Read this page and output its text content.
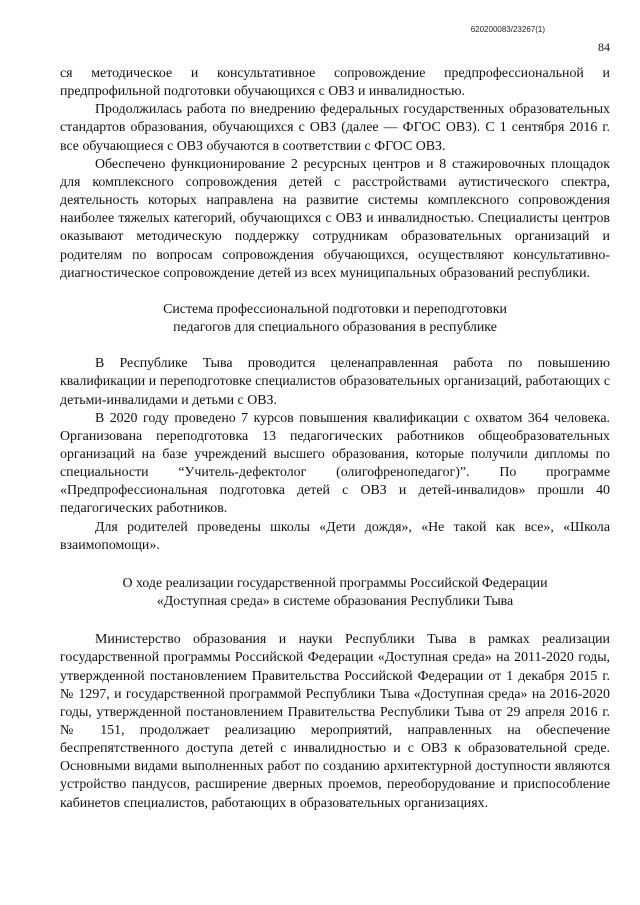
620200083/23267(1)
84

ся методическое и консультативное сопровождение предпрофессиональной и предпрофильной подготовки обучающихся с ОВЗ и инвалидностью.

Продолжилась работа по внедрению федеральных государственных образовательных стандартов образования, обучающихся с ОВЗ (далее — ФГОС ОВЗ). С 1 сентября 2016 г. все обучающиеся с ОВЗ обучаются в соответствии с ФГОС ОВЗ.

Обеспечено функционирование 2 ресурсных центров и 8 стажировочных площадок для комплексного сопровождения детей с расстройствами аутистического спектра, деятельность которых направлена на развитие системы комплексного сопровождения наиболее тяжелых категорий, обучающихся с ОВЗ и инвалидностью. Специалисты центров оказывают методическую поддержку сотрудникам образовательных организаций и родителям по вопросам сопровождения обучающихся, осуществляют консультативно-диагностическое сопровождение детей из всех муниципальных образований республики.

Система профессиональной подготовки и переподготовки
педагогов для специального образования в республике

В Республике Тыва проводится целенаправленная работа по повышению квалификации и переподготовке специалистов образовательных организаций, работающих с детьми-инвалидами и детьми с ОВЗ.

В 2020 году проведено 7 курсов повышения квалификации с охватом 364 человека. Организована переподготовка 13 педагогических работников общеобразовательных организаций на базе учреждений высшего образования, которые получили дипломы по специальности “Учитель-дефектолог (олигофренопедагог)”. По программе «Предпрофессиональная подготовка детей с ОВЗ и детей-инвалидов» прошли 40 педагогических работников.

Для родителей проведены школы «Дети дождя», «Не такой как все», «Школа взаимопомощи».

О ходе реализации государственной программы Российской Федерации
«Доступная среда» в системе образования Республики Тыва

Министерство образования и науки Республики Тыва в рамках реализации государственной программы Российской Федерации «Доступная среда» на 2011-2020 годы, утвержденной постановлением Правительства Российской Федерации от 1 декабря 2015 г. № 1297, и государственной программой Республики Тыва «Доступная среда» на 2016-2020 годы, утвержденной постановлением Правительства Республики Тыва от 29 апреля 2016 г. № 151, продолжает реализацию мероприятий, направленных на обеспечение беспрепятственного доступа детей с инвалидностью и с ОВЗ к образовательной среде. Основными видами выполненных работ по созданию архитектурной доступности являются устройство пандусов, расширение дверных проемов, переоборудование и приспособление кабинетов специалистов, работающих в образовательных организациях.
